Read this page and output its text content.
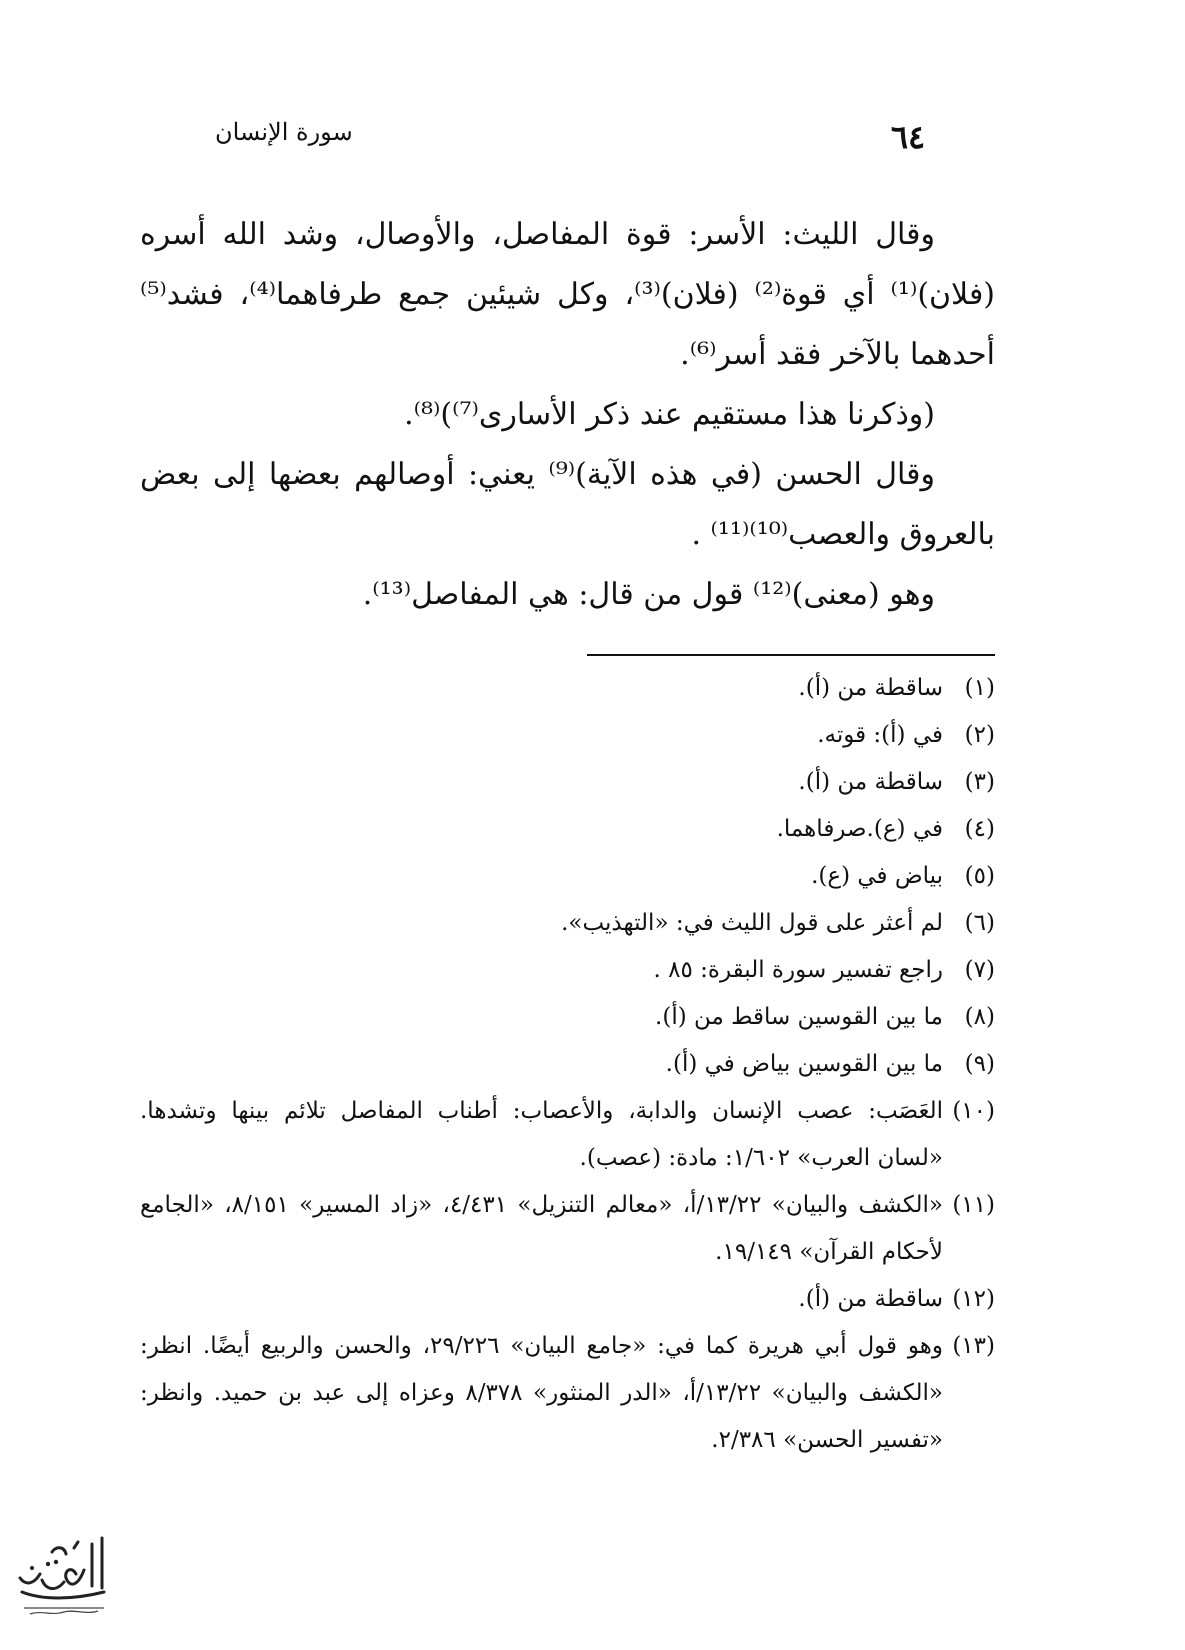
سورة الإنسان	٦٤

وقال الليث: الأسر: قوة المفاصل، والأوصال، وشد الله أسره (فلان)⁽¹⁾ أي قوة⁽²⁾ (فلان)⁽³⁾، وكل شيئين جمع طرفاهما⁽⁴⁾، فشد⁽⁵⁾ أحدهما بالآخر فقد أسر⁽⁶⁾.

(وذكرنا هذا مستقيم عند ذكر الأسارى⁽⁷⁾)⁽⁸⁾.

وقال الحسن (في هذه الآية)⁽⁹⁾ يعني: أوصالهم بعضها إلى بعض بالعروق والعصب⁽¹⁰⁾⁽¹¹⁾ .

وهو (معنى)⁽¹²⁾ قول من قال: هي المفاصل⁽¹³⁾.

(١)
ساقطة من (أ).
(٢)
في (أ): قوته.
(٣)
ساقطة من (أ).
(٤)
في (ع).صرفاهما.
(٥)
بياض في (ع).
(٦)
لم أعثر على قول الليث في: «التهذيب».
(٧)
راجع تفسير سورة البقرة: ٨٥ .
(٨)
ما بين القوسين ساقط من (أ).
(٩)
ما بين القوسين بياض في (أ).
(١٠)
العَصَب: عصب الإنسان والدابة، والأعصاب: أطناب المفاصل تلائم بينها وتشدها. «لسان العرب» ١/٦٠٢: مادة: (عصب).
(١١)
«الكشف والبيان» ١٣/٢٢/أ، «معالم التنزيل» ٤/٤٣١، «زاد المسير» ٨/١٥١، «الجامع لأحكام القرآن» ١٩/١٤٩.
(١٢)
ساقطة من (أ).
(١٣)
وهو قول أبي هريرة كما في: «جامع البيان» ٢٩/٢٢٦، والحسن والربيع أيضًا. انظر: «الكشف والبيان» ١٣/٢٢/أ، «الدر المنثور» ٨/٣٧٨ وعزاه إلى عبد بن حميد. وانظر: «تفسير الحسن» ٢/٣٨٦.
